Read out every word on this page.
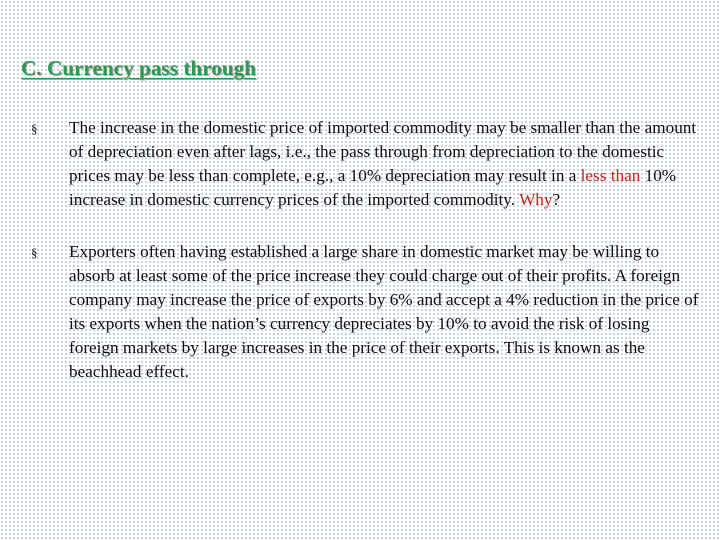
C. Currency pass through
§ The increase in the domestic price of imported commodity may be smaller than the amount of depreciation even after lags, i.e., the pass through from depreciation to the domestic prices may be less than complete, e.g., a 10% depreciation may result in a less than 10% increase in domestic currency prices of the imported commodity. Why?
§ Exporters often having established a large share in domestic market may be willing to absorb at least some of the price increase they could charge out of their profits. A foreign company may increase the price of exports by 6% and accept a 4% reduction in the price of its exports when the nation’s currency depreciates by 10% to avoid the risk of losing foreign markets by large increases in the price of their exports. This is known as the beachhead effect.
